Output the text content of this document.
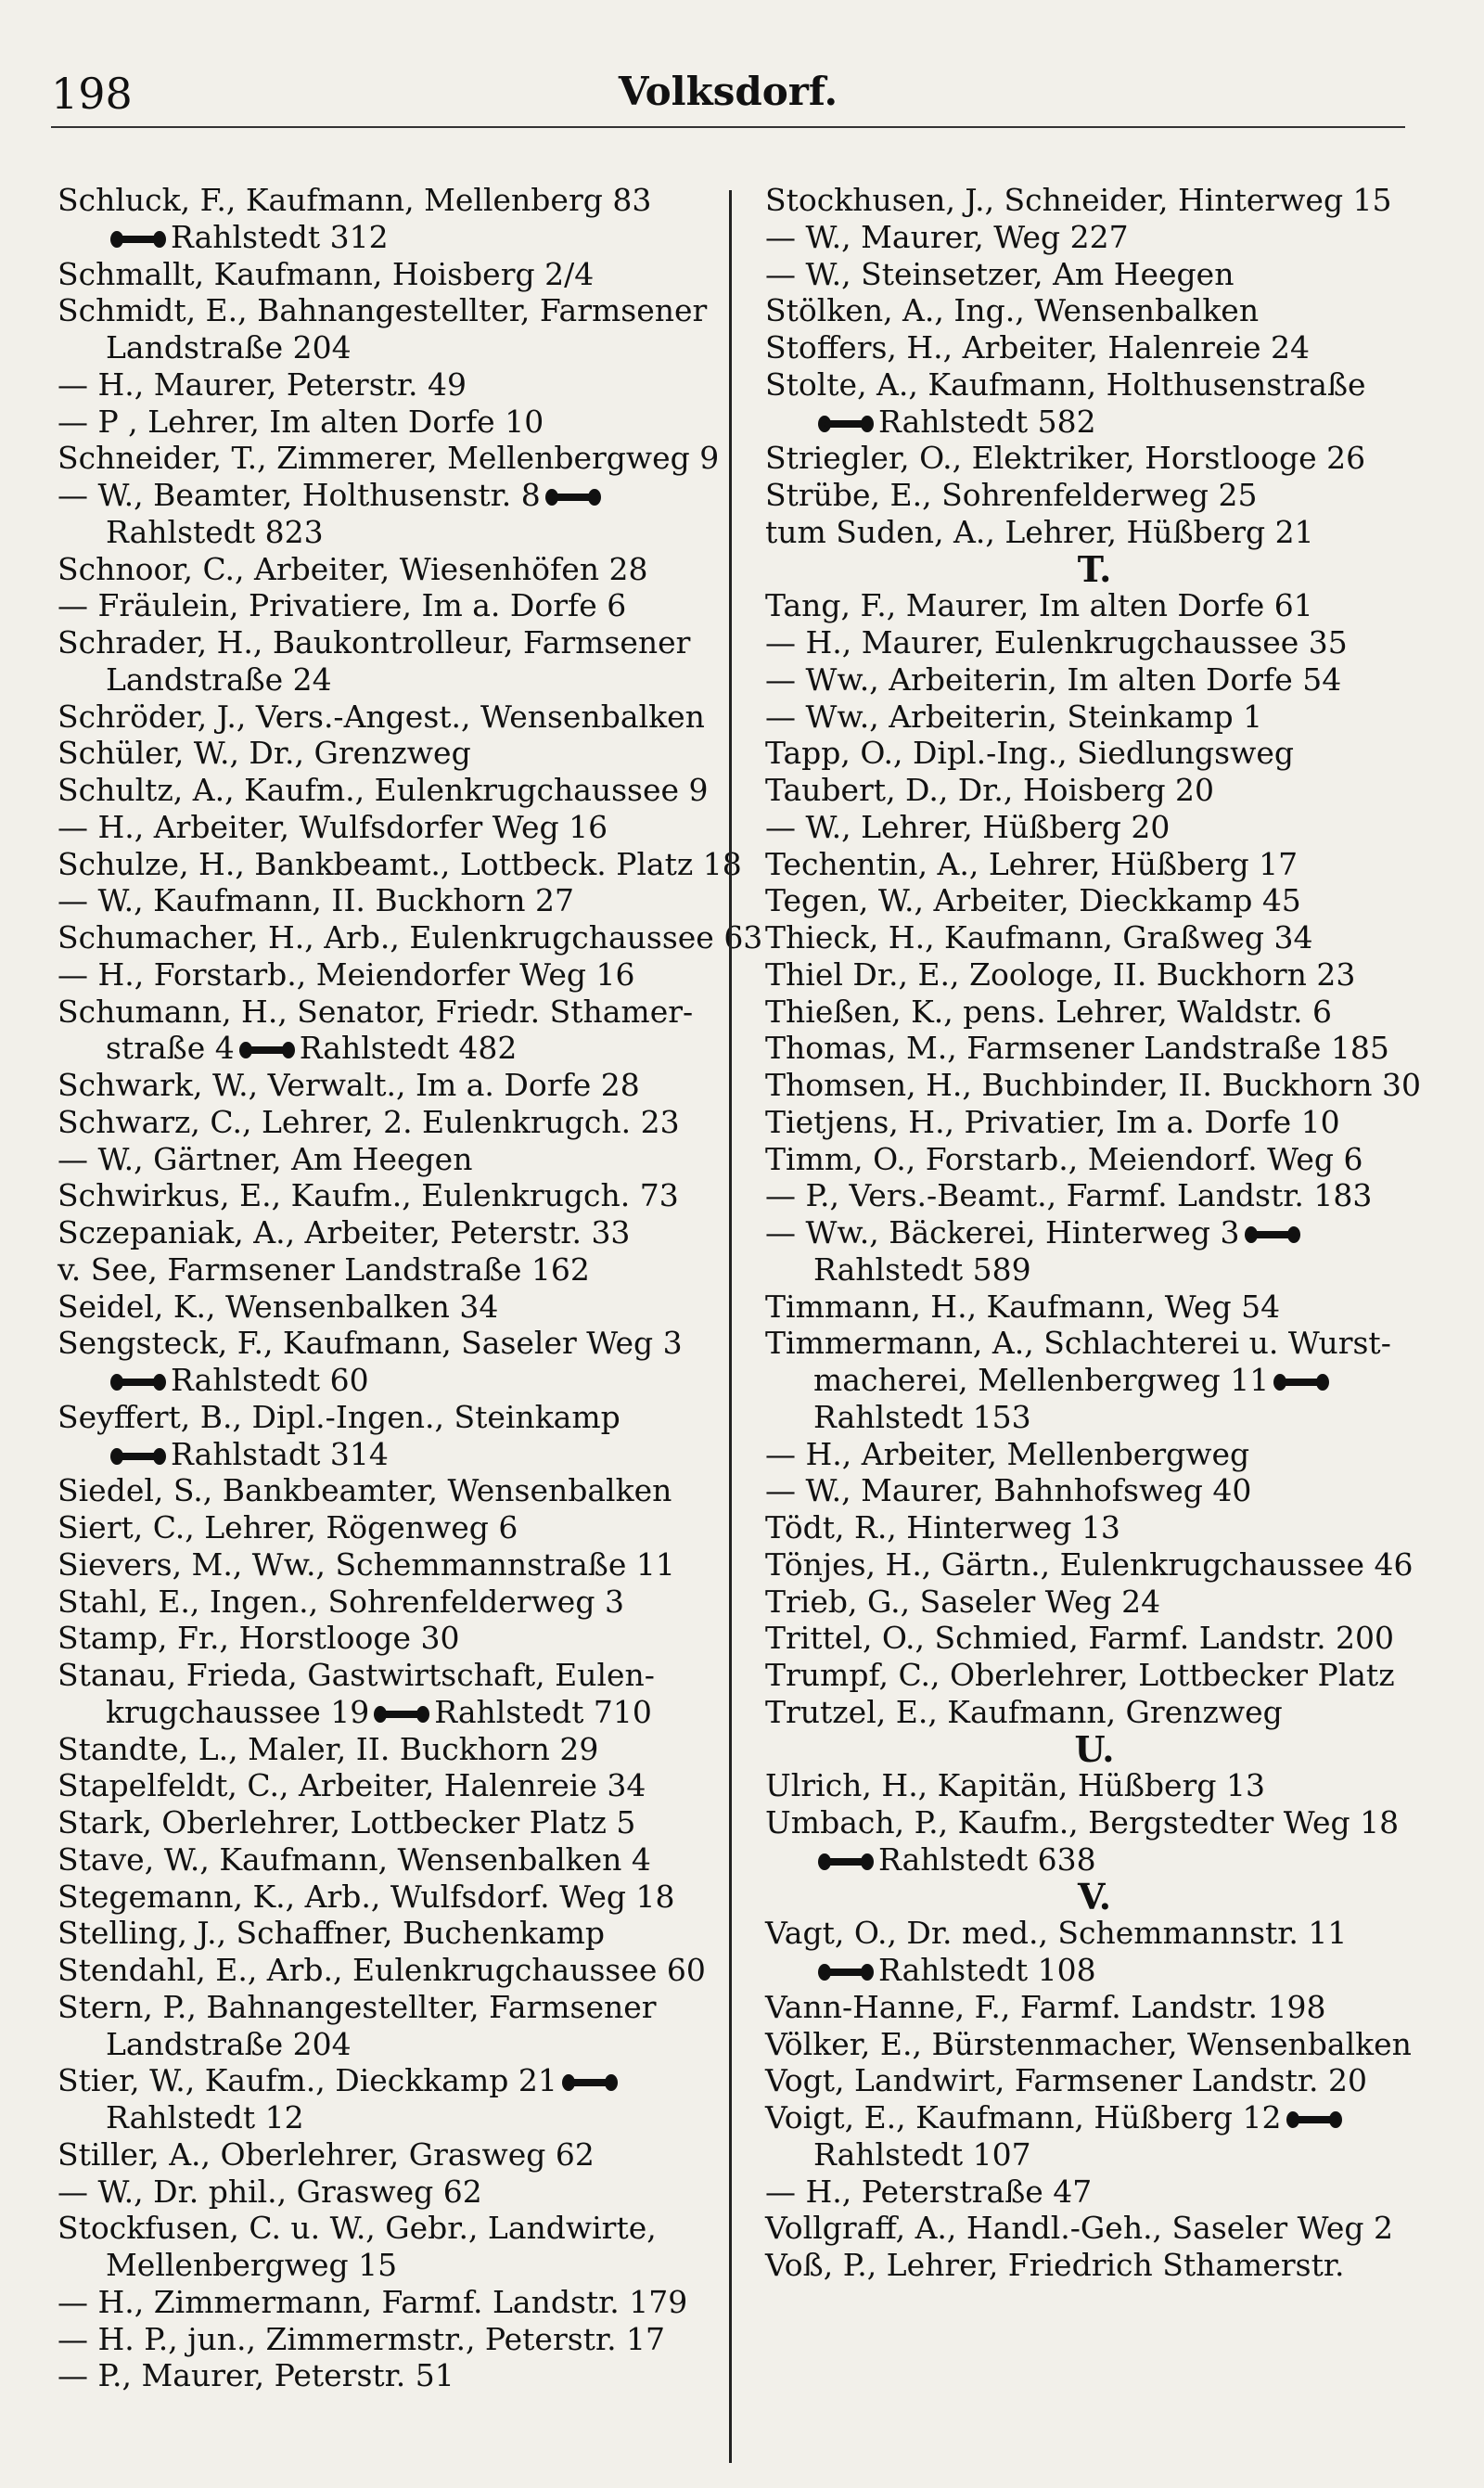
198	Volksdorf.
Schluck, F., Kaufmann, Mellenberg 83
Rahlstedt 312
Schmallt, Kaufmann, Hoisberg 2/4
Schmidt, E., Bahnangestellter, Farmsener
Landstraße 204
— H., Maurer, Peterstr. 49
— P , Lehrer, Im alten Dorfe 10
Schneider, T., Zimmerer, Mellenbergweg 9
— W., Beamter, Holthusenstr. 8
Rahlstedt 823
Schnoor, C., Arbeiter, Wiesenhöfen 28
— Fräulein, Privatiere, Im a. Dorfe 6
Schrader, H., Baukontrolleur, Farmsener
Landstraße 24
Schröder, J., Vers.-Angest., Wensenbalken
Schüler, W., Dr., Grenzweg
Schultz, A., Kaufm., Eulenkrugchaussee 9
— H., Arbeiter, Wulfsdorfer Weg 16
Schulze, H., Bankbeamt., Lottbeck. Platz 18
— W., Kaufmann, II. Buckhorn 27
Schumacher, H., Arb., Eulenkrugchaussee 63
— H., Forstarb., Meiendorfer Weg 16
Schumann, H., Senator, Friedr. Sthamer-
straße 4 Rahlstedt 482
Schwark, W., Verwalt., Im a. Dorfe 28
Schwarz, C., Lehrer, 2. Eulenkrugch. 23
— W., Gärtner, Am Heegen
Schwirkus, E., Kaufm., Eulenkrugch. 73
Sczepaniak, A., Arbeiter, Peterstr. 33
v. See, Farmsener Landstraße 162
Seidel, K., Wensenbalken 34
Sengsteck, F., Kaufmann, Saseler Weg 3
Rahlstedt 60
Seyffert, B., Dipl.-Ingen., Steinkamp
Rahlstadt 314
Siedel, S., Bankbeamter, Wensenbalken
Siert, C., Lehrer, Rögenweg 6
Sievers, M., Ww., Schemmannstraße 11
Stahl, E., Ingen., Sohrenfelderweg 3
Stamp, Fr., Horstlooge 30
Stanau, Frieda, Gastwirtschaft, Eulen-
krugchaussee 19 Rahlstedt 710
Standte, L., Maler, II. Buckhorn 29
Stapelfeldt, C., Arbeiter, Halenreie 34
Stark, Oberlehrer, Lottbecker Platz 5
Stave, W., Kaufmann, Wensenbalken 4
Stegemann, K., Arb., Wulfsdorf. Weg 18
Stelling, J., Schaffner, Buchenkamp
Stendahl, E., Arb., Eulenkrugchaussee 60
Stern, P., Bahnangestellter, Farmsener
Landstraße 204
Stier, W., Kaufm., Dieckkamp 21
Rahlstedt 12
Stiller, A., Oberlehrer, Grasweg 62
— W., Dr. phil., Grasweg 62
Stockfusen, C. u. W., Gebr., Landwirte,
Mellenbergweg 15
— H., Zimmermann, Farmf. Landstr. 179
— H. P., jun., Zimmermstr., Peterstr. 17
— P., Maurer, Peterstr. 51
Stockhusen, J., Schneider, Hinterweg 15
— W., Maurer, Weg 227
— W., Steinsetzer, Am Heegen
Stölken, A., Ing., Wensenbalken
Stoffers, H., Arbeiter, Halenreie 24
Stolte, A., Kaufmann, Holthusenstraße
Rahlstedt 582
Striegler, O., Elektriker, Horstlooge 26
Strübe, E., Sohrenfelderweg 25
tum Suden, A., Lehrer, Hüßberg 21
T.
Tang, F., Maurer, Im alten Dorfe 61
— H., Maurer, Eulenkrugchaussee 35
— Ww., Arbeiterin, Im alten Dorfe 54
— Ww., Arbeiterin, Steinkamp 1
Tapp, O., Dipl.-Ing., Siedlungsweg
Taubert, D., Dr., Hoisberg 20
— W., Lehrer, Hüßberg 20
Techentin, A., Lehrer, Hüßberg 17
Tegen, W., Arbeiter, Dieckkamp 45
Thieck, H., Kaufmann, Graßweg 34
Thiel Dr., E., Zoologe, II. Buckhorn 23
Thießen, K., pens. Lehrer, Waldstr. 6
Thomas, M., Farmsener Landstraße 185
Thomsen, H., Buchbinder, II. Buckhorn 30
Tietjens, H., Privatier, Im a. Dorfe 10
Timm, O., Forstarb., Meiendorf. Weg 6
— P., Vers.-Beamt., Farmf. Landstr. 183
— Ww., Bäckerei, Hinterweg 3
Rahlstedt 589
Timmann, H., Kaufmann, Weg 54
Timmermann, A., Schlachterei u. Wurst-
macherei, Mellenbergweg 11
Rahlstedt 153
— H., Arbeiter, Mellenbergweg
— W., Maurer, Bahnhofsweg 40
Tödt, R., Hinterweg 13
Tönjes, H., Gärtn., Eulenkrugchaussee 46
Trieb, G., Saseler Weg 24
Trittel, O., Schmied, Farmf. Landstr. 200
Trumpf, C., Oberlehrer, Lottbecker Platz
Trutzel, E., Kaufmann, Grenzweg
U.
Ulrich, H., Kapitän, Hüßberg 13
Umbach, P., Kaufm., Bergstedter Weg 18
Rahlstedt 638
V.
Vagt, O., Dr. med., Schemmannstr. 11
Rahlstedt 108
Vann-Hanne, F., Farmf. Landstr. 198
Völker, E., Bürstenmacher, Wensenbalken
Vogt, Landwirt, Farmsener Landstr. 20
Voigt, E., Kaufmann, Hüßberg 12
Rahlstedt 107
— H., Peterstraße 47
Vollgraff, A., Handl.-Geh., Saseler Weg 2
Voß, P., Lehrer, Friedrich Sthamerstr.
